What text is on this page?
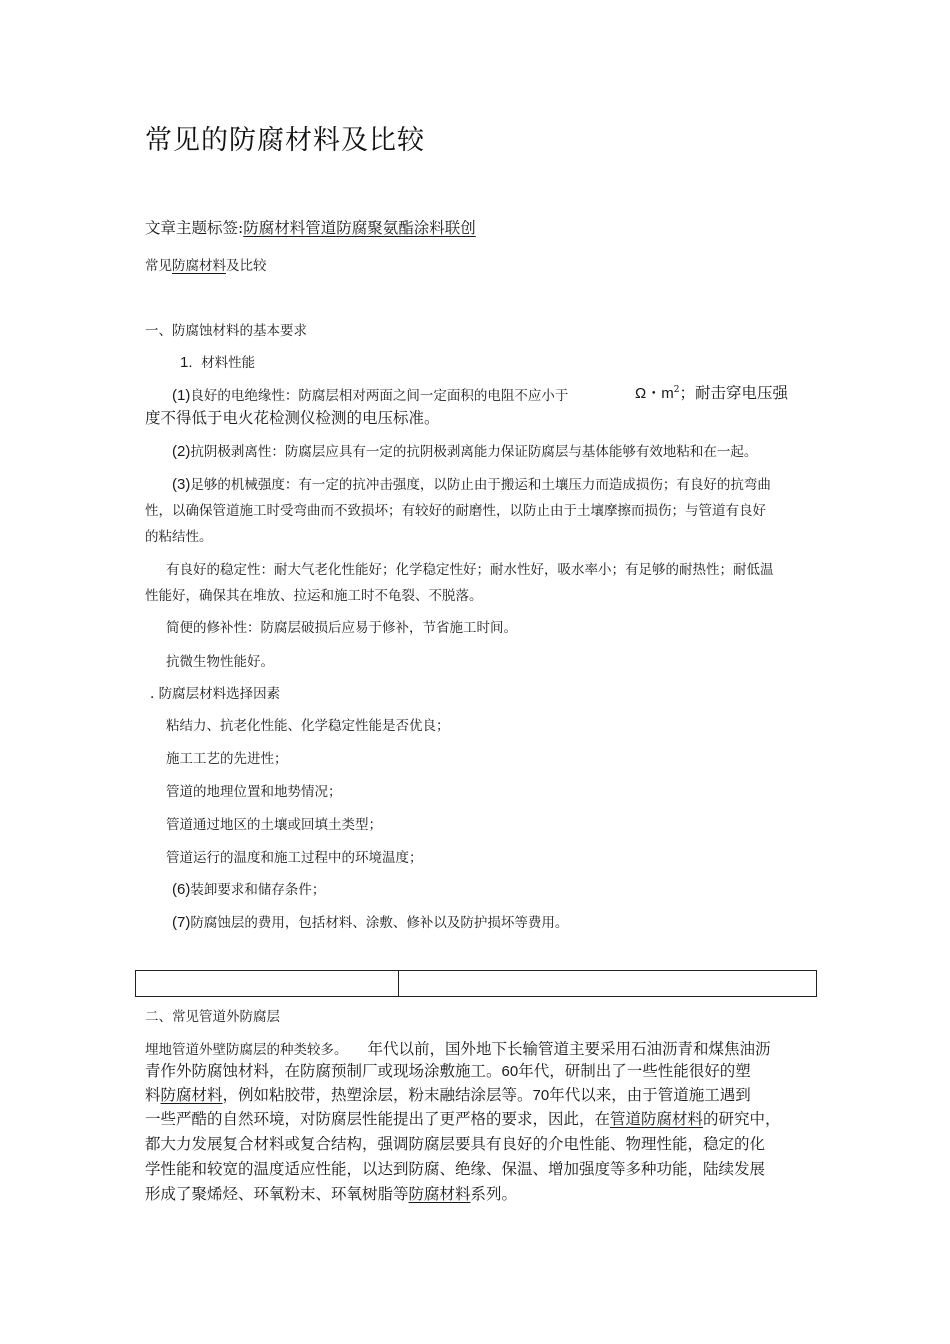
常见的防腐材料及比较
文章主题标签:防腐材料管道防腐聚氨酯涂料联创
常见防腐材料及比较
一、防腐蚀材料的基本要求
1. 材料性能
(1)良好的电绝缘性：防腐层相对两面之间一定面积的电阻不应小于	Ω・$m^2$；耐击穿电压强
度不得低于电火花检测仪检测的电压标准。
(2)抗阴极剥离性：防腐层应具有一定的抗阴极剥离能力保证防腐层与基体能够有效地粘和在一起。
(3)足够的机械强度：有一定的抗冲击强度，以防止由于搬运和土壤压力而造成损伤；有良好的抗弯曲
性，以确保管道施工时受弯曲而不致损坏；有较好的耐磨性，以防止由于土壤摩擦而损伤；与管道有良好
的粘结性。
有良好的稳定性：耐大气老化性能好；化学稳定性好；耐水性好，吸水率小；有足够的耐热性；耐低温
性能好，确保其在堆放、拉运和施工时不龟裂、不脱落。
简便的修补性：防腐层破损后应易于修补，节省施工时间。
抗微生物性能好。
. 防腐层材料选择因素
粘结力、抗老化性能、化学稳定性能是否优良；
施工工艺的先进性；
管道的地理位置和地势情况；
管道通过地区的土壤或回填土类型；
管道运行的温度和施工过程中的环境温度；
(6)装卸要求和储存条件；
(7)防腐蚀层的费用，包括材料、涂敷、修补以及防护损坏等费用。

二、常见管道外防腐层
埋地管道外壁防腐层的种类较多。 年代以前，国外地下长输管道主要采用石油沥青和煤焦油沥
青作外防腐蚀材料，在防腐预制厂或现场涂敷施工。60年代，研制出了一些性能很好的塑
料防腐材料，例如粘胶带，热塑涂层，粉末融结涂层等。70年代以来，由于管道施工遇到
一些严酷的自然环境，对防腐层性能提出了更严格的要求，因此，在管道防腐材料的研究中，
都大力发展复合材料或复合结构，强调防腐层要具有良好的介电性能、物理性能，稳定的化
学性能和较宽的温度适应性能，以达到防腐、绝缘、保温、增加强度等多种功能，陆续发展
形成了聚烯烃、环氧粉末、环氧树脂等防腐材料系列。
